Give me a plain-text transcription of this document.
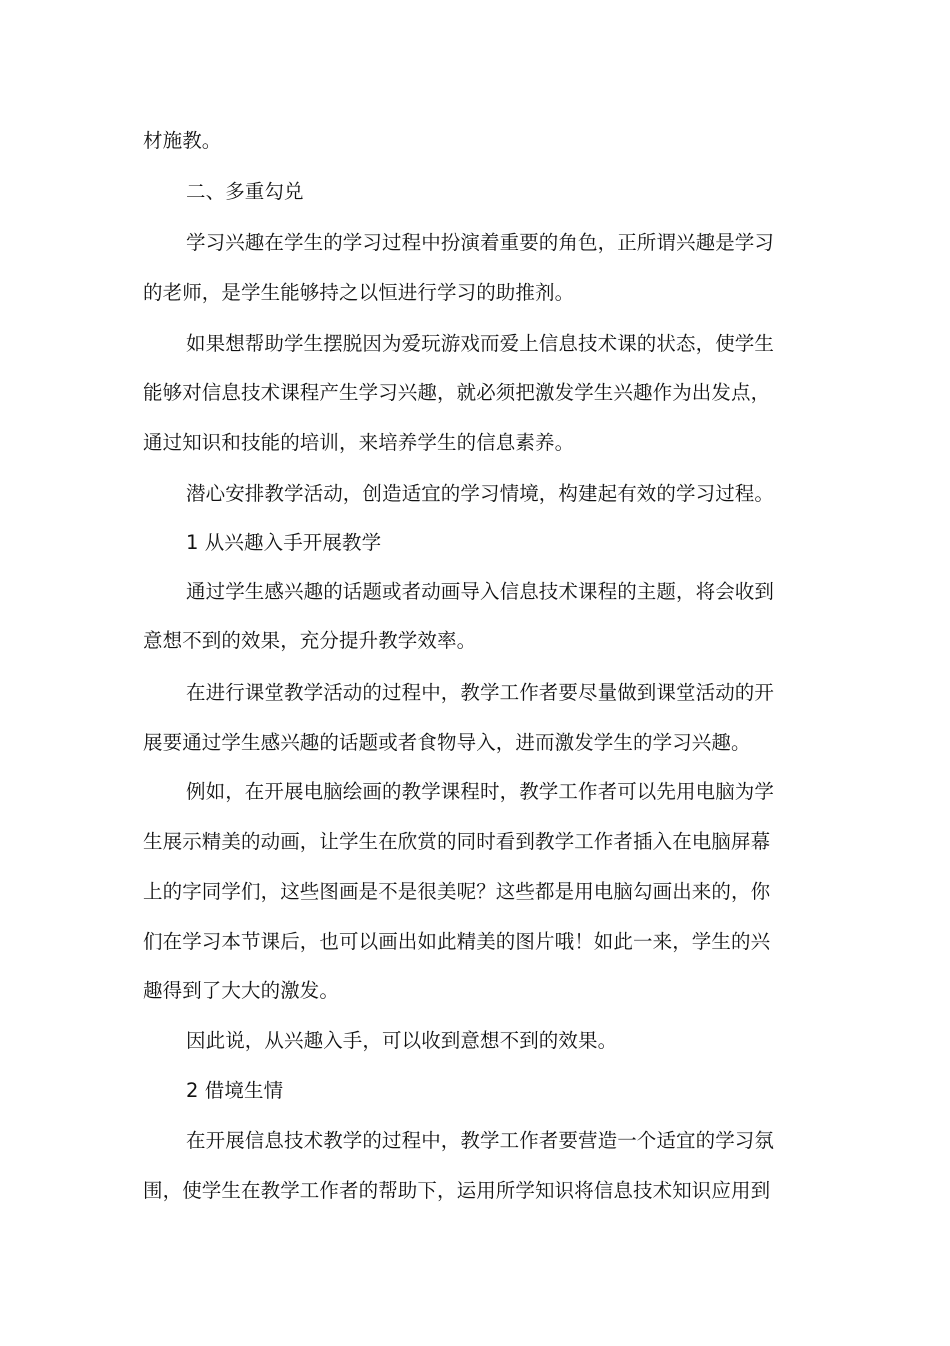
材施教。
二、多重勾兑
学习兴趣在学生的学习过程中扮演着重要的角色，正所谓兴趣是学习
的老师，是学生能够持之以恒进行学习的助推剂。
如果想帮助学生摆脱因为爱玩游戏而爱上信息技术课的状态，使学生
能够对信息技术课程产生学习兴趣，就必须把激发学生兴趣作为出发点，
通过知识和技能的培训，来培养学生的信息素养。
潜心安排教学活动，创造适宜的学习情境，构建起有效的学习过程。
1 从兴趣入手开展教学
通过学生感兴趣的话题或者动画导入信息技术课程的主题，将会收到
意想不到的效果，充分提升教学效率。
在进行课堂教学活动的过程中，教学工作者要尽量做到课堂活动的开
展要通过学生感兴趣的话题或者食物导入，进而激发学生的学习兴趣。
例如，在开展电脑绘画的教学课程时，教学工作者可以先用电脑为学
生展示精美的动画，让学生在欣赏的同时看到教学工作者插入在电脑屏幕
上的字同学们，这些图画是不是很美呢？这些都是用电脑勾画出来的，你
们在学习本节课后，也可以画出如此精美的图片哦！如此一来，学生的兴
趣得到了大大的激发。
因此说，从兴趣入手，可以收到意想不到的效果。
2 借境生情
在开展信息技术教学的过程中，教学工作者要营造一个适宜的学习氛
围，使学生在教学工作者的帮助下，运用所学知识将信息技术知识应用到
